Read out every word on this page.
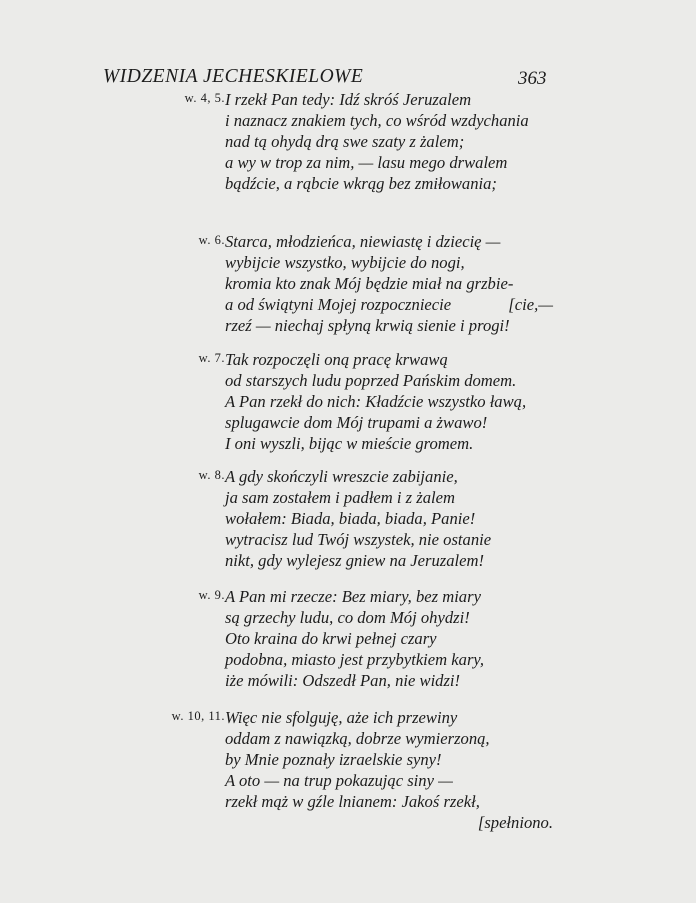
WIDZENIA JECHESKIELOWE	363
w. 4, 5. I rzekł Pan tedy: Idź skróś Jeruzalem
i naznacz znakiem tych, co wśród wzdychania
nad tą ohydą drą swe szaty z żalem;
a wy w trop za nim, — lasu mego drwalem
bądźcie, a rąbcie wkrąg bez zmiłowania;
w. 6. Starca, młodzieńca, niewiastę i dziecię —
wybijcie wszystko, wybijcie do nogi,
kromia kto znak Mój będzie miał na grzbie-
a od świątyni Mojej rozpoczniecie	[cie,—
rzeź — niechaj spłyną krwią sienie i progi!
w. 7. Tak rozpoczęli oną pracę krwawą
od starszych ludu poprzed Pańskim domem.
A Pan rzekł do nich: Kładźcie wszystko ławą,
splugawcie dom Mój trupami a żwawo!
I oni wyszli, bijąc w mieście gromem.
w. 8. A gdy skończyli wreszcie zabijanie,
ja sam zostałem i padłem i z żalem
wołałem: Biada, biada, biada, Panie!
wytracisz lud Twój wszystek, nie ostanie
nikt, gdy wylejesz gniew na Jeruzalem!
w. 9. A Pan mi rzecze: Bez miary, bez miary
są grzechy ludu, co dom Mój ohydzi!
Oto kraina do krwi pełnej czary
podobna, miasto jest przybytkiem kary,
iże mówili: Odszedł Pan, nie widzi!
w. 10, 11. Więc nie sfolguję, aże ich przewiny
oddam z nawiązką, dobrze wymierzoną,
by Mnie poznały izraelskie syny!
A oto — na trup pokazując siny —
rzekł mąż w gźle lnianem: Jakoś rzekł,
[spełniono.
